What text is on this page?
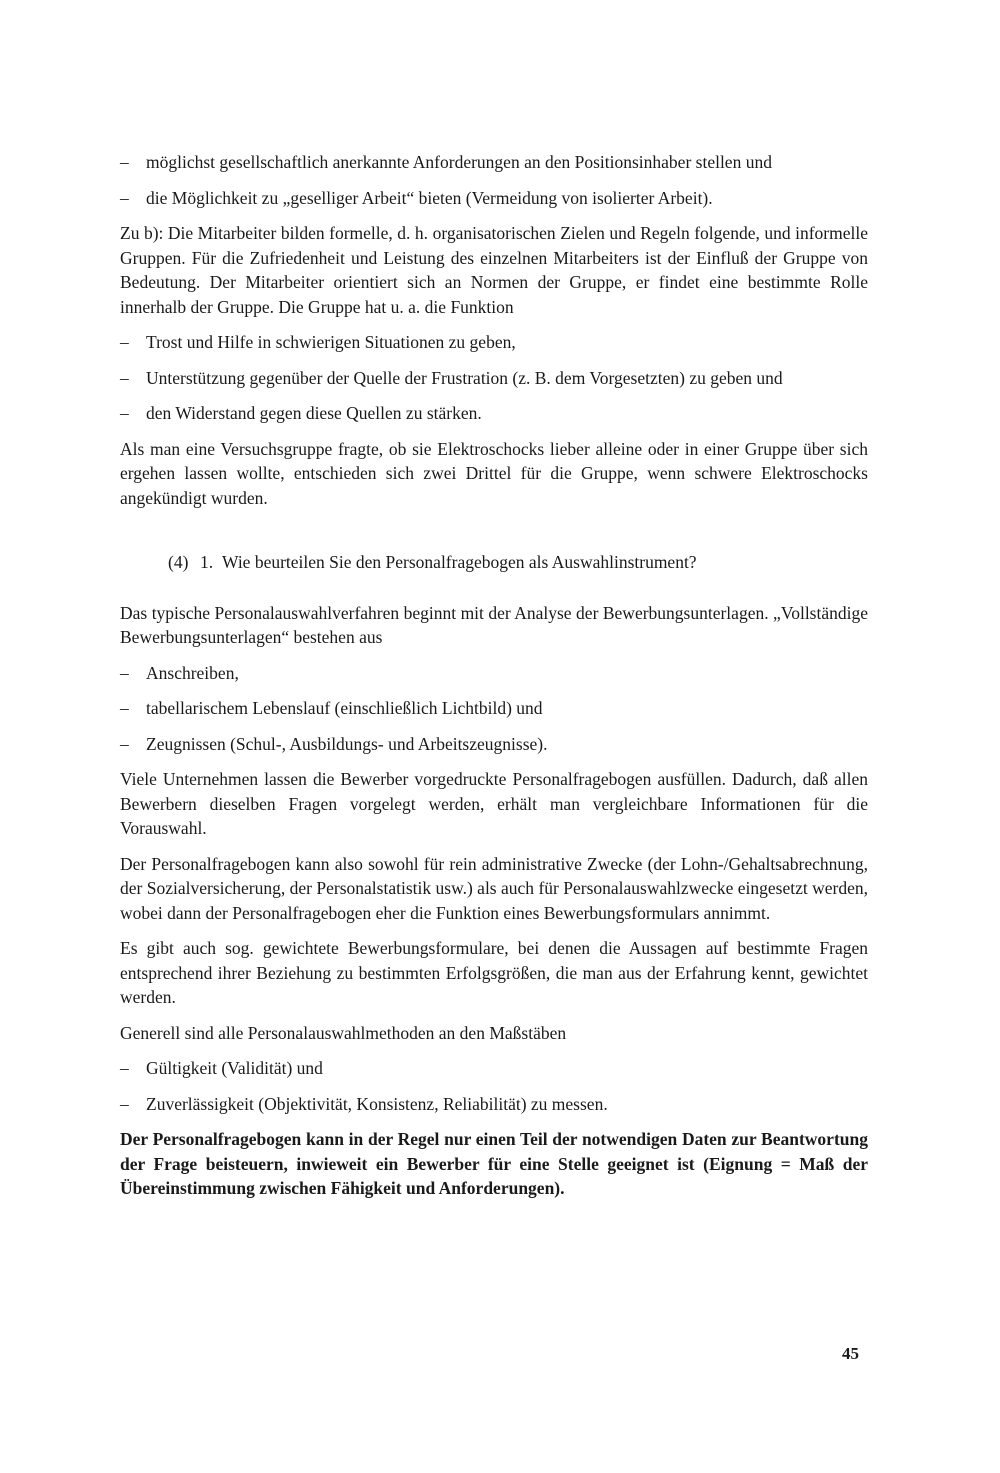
– möglichst gesellschaftlich anerkannte Anforderungen an den Positionsinhaber stellen und
– die Möglichkeit zu „geselliger Arbeit“ bieten (Vermeidung von isolierter Arbeit).

Zu b): Die Mitarbeiter bilden formelle, d. h. organisatorischen Zielen und Regeln folgende, und informelle Gruppen. Für die Zufriedenheit und Leistung des einzelnen Mitarbeiters ist der Einfluß der Gruppe von Bedeutung. Der Mitarbeiter orientiert sich an Normen der Gruppe, er findet eine bestimmte Rolle innerhalb der Gruppe. Die Gruppe hat u. a. die Funktion

– Trost und Hilfe in schwierigen Situationen zu geben,
– Unterstützung gegenüber der Quelle der Frustration (z. B. dem Vorgesetzten) zu geben und
– den Widerstand gegen diese Quellen zu stärken.

Als man eine Versuchsgruppe fragte, ob sie Elektroschocks lieber alleine oder in einer Gruppe über sich ergehen lassen wollte, entschieden sich zwei Drittel für die Gruppe, wenn schwere Elektroschocks angekündigt wurden.

(4) 1. Wie beurteilen Sie den Personalfragebogen als Auswahlinstrument?

Das typische Personalauswahlverfahren beginnt mit der Analyse der Bewerbungsunterlagen. „Vollständige Bewerbungsunterlagen“ bestehen aus

– Anschreiben,
– tabellarischem Lebenslauf (einschließlich Lichtbild) und
– Zeugnissen (Schul-, Ausbildungs- und Arbeitszeugnisse).

Viele Unternehmen lassen die Bewerber vorgedruckte Personalfragebogen ausfüllen. Dadurch, daß allen Bewerbern dieselben Fragen vorgelegt werden, erhält man vergleichbare Informationen für die Vorauswahl.

Der Personalfragebogen kann also sowohl für rein administrative Zwecke (der Lohn-/Gehaltsabrechnung, der Sozialversicherung, der Personalstatistik usw.) als auch für Personalauswahlzwecke eingesetzt werden, wobei dann der Personalfragebogen eher die Funktion eines Bewerbungsformulars annimmt.

Es gibt auch sog. gewichtete Bewerbungsformulare, bei denen die Aussagen auf bestimmte Fragen entsprechend ihrer Beziehung zu bestimmten Erfolgsgrößen, die man aus der Erfahrung kennt, gewichtet werden.

Generell sind alle Personalauswahlmethoden an den Maßstäben

– Gültigkeit (Validität) und
– Zuverlässigkeit (Objektivität, Konsistenz, Reliabilität) zu messen.

Der Personalfragebogen kann in der Regel nur einen Teil der notwendigen Daten zur Beantwortung der Frage beisteuern, inwieweit ein Bewerber für eine Stelle geeignet ist (Eignung = Maß der Übereinstimmung zwischen Fähigkeit und Anforderungen).

45
